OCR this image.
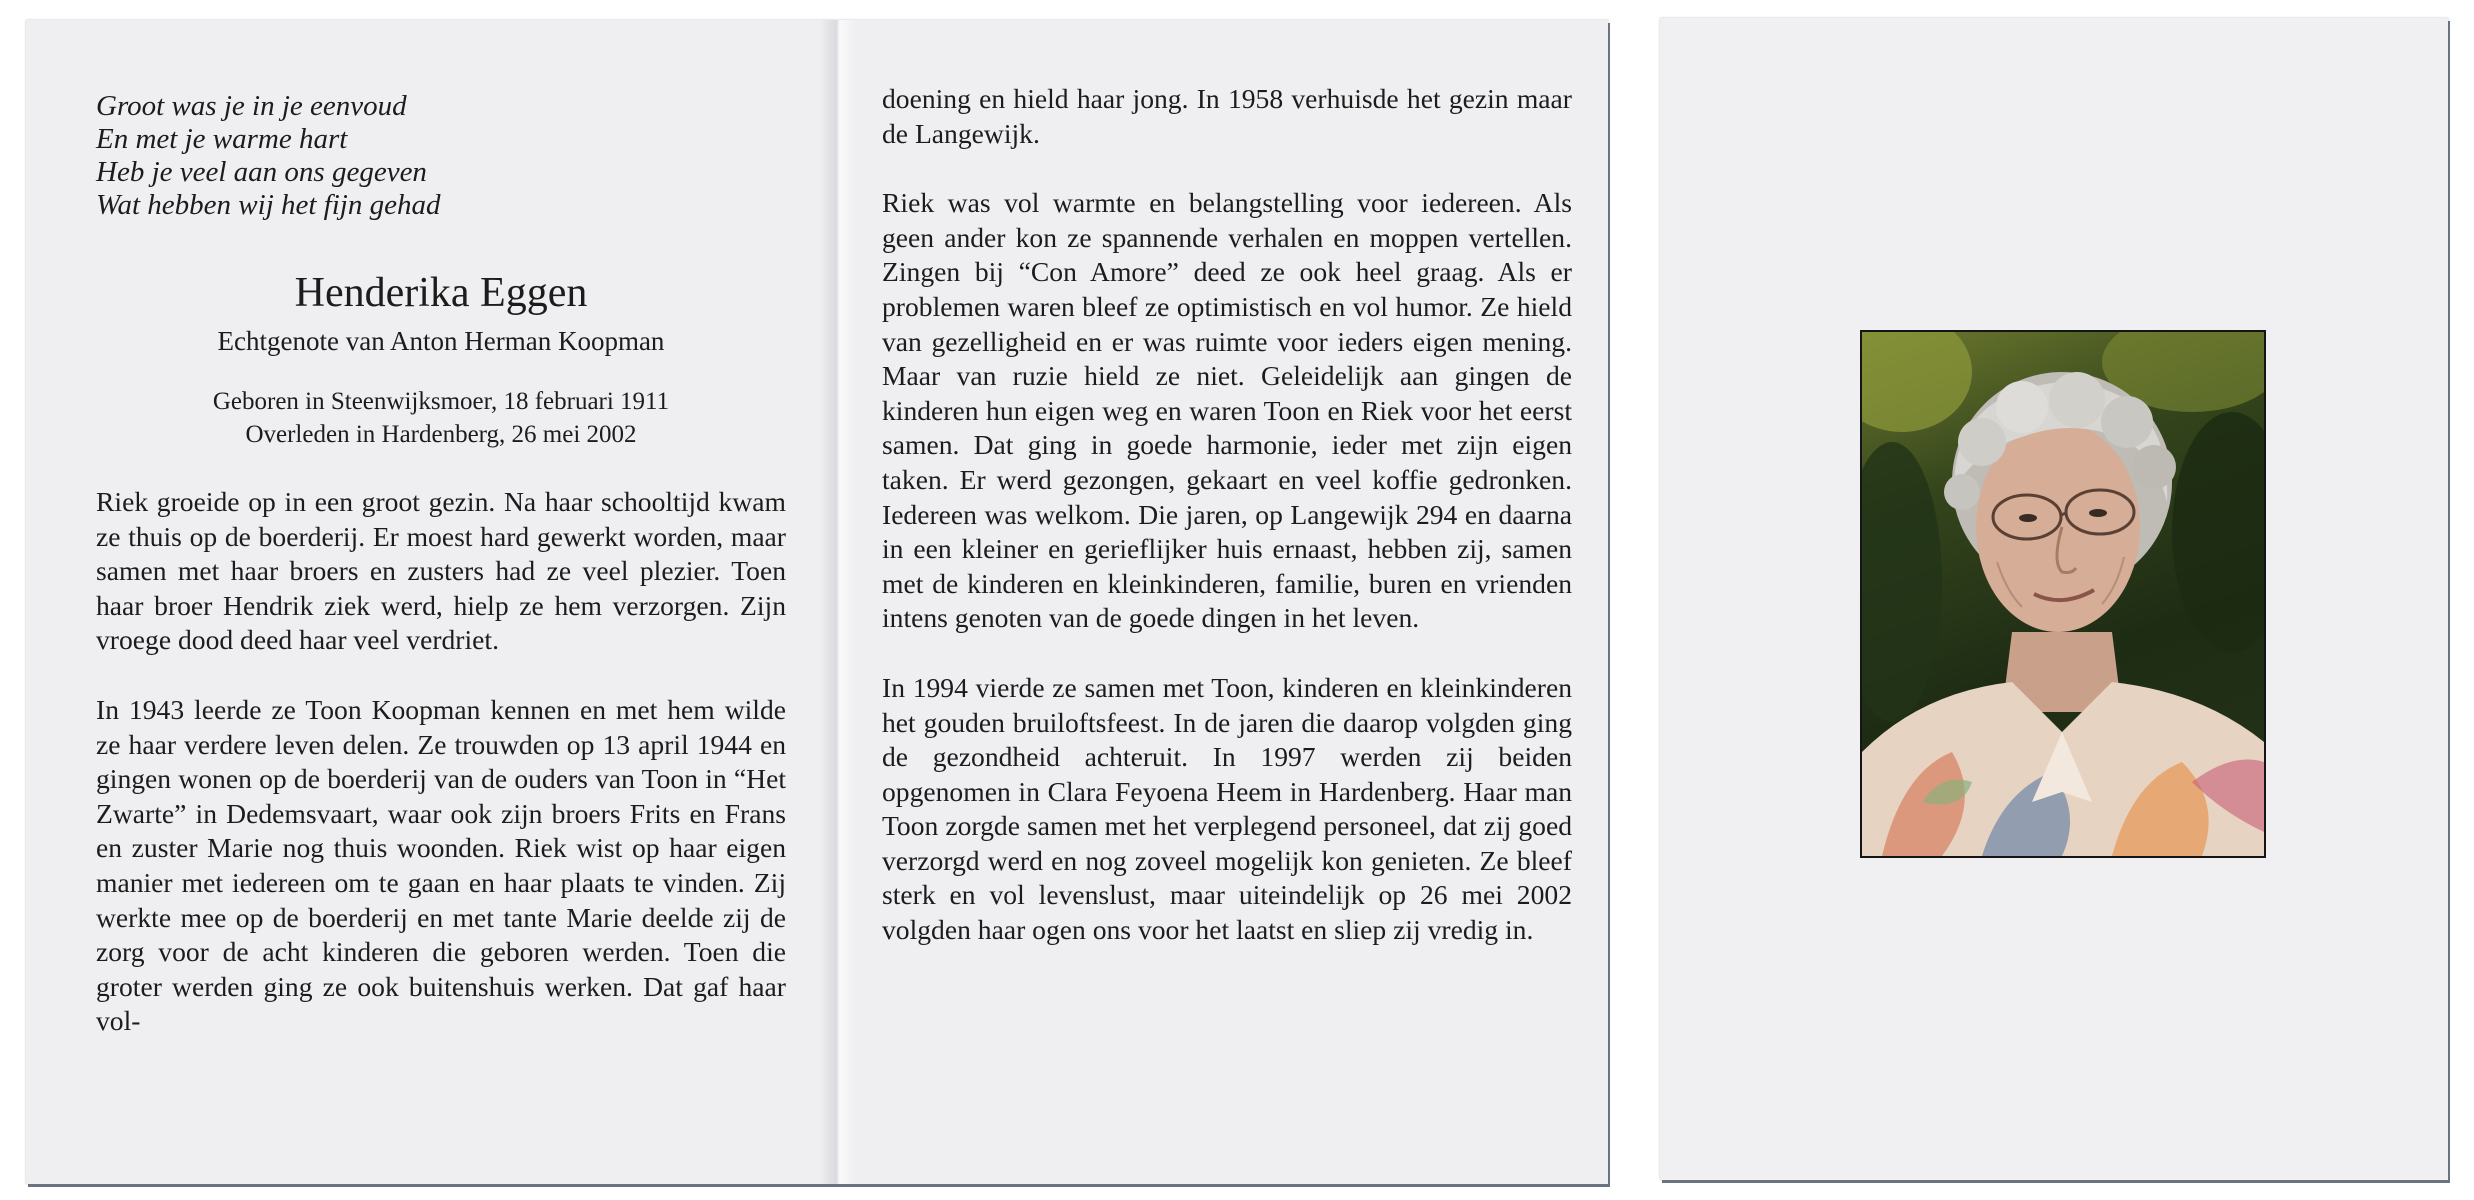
Groot was je in je eenvoud

En met je warme hart

Heb je veel aan ons gegeven

Wat hebben wij het fijn gehad

Henderika Eggen
Echtgenote van Anton Herman Koopman

Geboren in Steenwijksmoer, 18 februari 1911

Overleden in Hardenberg, 26 mei 2002

Riek groeide op in een groot gezin. Na haar schooltijd kwam ze thuis op de boerderij. Er moest hard gewerkt worden, maar samen met haar broers en zusters had ze veel plezier. Toen haar broer Hendrik ziek werd, hielp ze hem verzorgen. Zijn vroege dood deed haar veel verdriet.

In 1943 leerde ze Toon Koopman kennen en met hem wilde ze haar verdere leven delen. Ze trouwden op 13 april 1944 en gingen wonen op de boerderij van de ouders van Toon in “Het Zwarte” in Dedemsvaart, waar ook zijn broers Frits en Frans en zuster Marie nog thuis woonden. Riek wist op haar eigen manier met iedereen om te gaan en haar plaats te vinden. Zij werkte mee op de boerderij en met tante Marie deelde zij de zorg voor de acht kinderen die geboren werden. Toen die groter werden ging ze ook buitenshuis werken. Dat gaf haar vol-

doening en hield haar jong. In 1958 verhuisde het gezin maar de Langewijk.

Riek was vol warmte en belangstelling voor iedereen. Als geen ander kon ze spannende verhalen en moppen vertellen. Zingen bij “Con Amore” deed ze ook heel graag. Als er problemen waren bleef ze optimistisch en vol humor. Ze hield van gezelligheid en er was ruimte voor ieders eigen mening. Maar van ruzie hield ze niet. Geleidelijk aan gingen de kinderen hun eigen weg en waren Toon en Riek voor het eerst samen. Dat ging in goede harmonie, ieder met zijn eigen taken. Er werd gezongen, gekaart en veel koffie gedronken. Iedereen was welkom. Die jaren, op Langewijk 294 en daarna in een kleiner en gerieflijker huis ernaast, hebben zij, samen met de kinderen en kleinkinderen, familie, buren en vrienden intens genoten van de goede dingen in het leven.

In 1994 vierde ze samen met Toon, kinderen en kleinkinderen het gouden bruiloftsfeest. In de jaren die daarop volgden ging de gezondheid achteruit. In 1997 werden zij beiden opgenomen in Clara Feyoena Heem in Hardenberg. Haar man Toon zorgde samen met het verplegend personeel, dat zij goed verzorgd werd en nog zoveel mogelijk kon genieten. Ze bleef sterk en vol levenslust, maar uiteindelijk op 26 mei 2002 volgden haar ogen ons voor het laatst en sliep zij vredig in.
